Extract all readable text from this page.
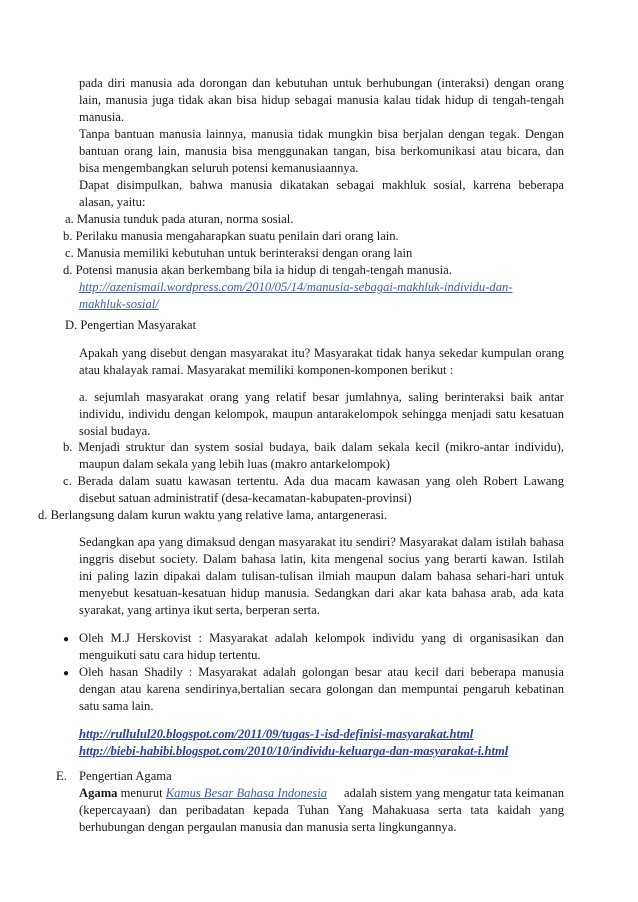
pada diri manusia ada dorongan dan kebutuhan untuk berhubungan (interaksi) dengan orang
lain, manusia juga tidak akan bisa hidup sebagai manusia kalau tidak hidup di tengah-tengah
manusia.
Tanpa bantuan manusia lainnya, manusia tidak mungkin bisa berjalan dengan tegak. Dengan
bantuan orang lain, manusia bisa menggunakan tangan, bisa berkomunikasi atau bicara, dan
bisa mengembangkan seluruh potensi kemanusiaannya.
Dapat disimpulkan, bahwa manusia dikatakan sebagai makhluk sosial, karrena beberapa
alasan, yaitu:
a. Manusia tunduk pada aturan, norma sosial.
b. Perilaku manusia mengaharapkan suatu penilain dari orang lain.
c. Manusia memiliki kebutuhan untuk berinteraksi dengan orang lain
d. Potensi manusia akan berkembang bila ia hidup di tengah-tengah manusia.
http://azenismail.wordpress.com/2010/05/14/manusia-sebagai-makhluk-individu-dan-
makhluk-sosial/
D. Pengertian Masyarakat
Apakah yang disebut dengan masyarakat itu? Masyarakat tidak hanya sekedar kumpulan orang
atau khalayak ramai. Masyarakat memiliki komponen-komponen berikut :
a. sejumlah masyarakat orang yang relatif besar jumlahnya, saling berinteraksi baik antar
individu, individu dengan kelompok, maupun antarakelompok sehingga menjadi satu kesatuan
sosial budaya.
b. Menjadi struktur dan system sosial budaya, baik dalam sekala kecil (mikro-antar individu),
maupun dalam sekala yang lebih luas (makro antarkelompok)
c. Berada dalam suatu kawasan tertentu. Ada dua macam kawasan yang oleh Robert Lawang
disebut satuan administratif (desa-kecamatan-kabupaten-provinsi)
d. Berlangsung dalam kurun waktu yang relative lama, antargenerasi.
Sedangkan apa yang dimaksud dengan masyarakat itu sendiri? Masyarakat dalam istilah bahasa
inggris disebut society. Dalam bahasa latin, kita mengenal socius yang berarti kawan. Istilah
ini paling lazin dipakai dalam tulisan-tulisan ilmiah maupun dalam bahasa sehari-hari untuk
menyebut kesatuan-kesatuan hidup manusia. Sedangkan dari akar kata bahasa arab, ada kata
syarakat, yang artinya ikut serta, berperan serta.
● Oleh M.J Herskovist : Masyarakat adalah kelompok individu yang di organisasikan dan
menguikuti satu cara hidup tertentu.
● Oleh hasan Shadily : Masyarakat adalah golongan besar atau kecil dari beberapa manusia
dengan atau karena sendirinya,bertalian secara golongan dan mempuntai pengaruh kebatinan
satu sama lain.
http://rullulul20.blogspot.com/2011/09/tugas-1-isd-definisi-masyarakat.html
http://biebi-habibi.blogspot.com/2010/10/individu-keluarga-dan-masyarakat-i.html
E. Pengertian Agama
Agama menurut Kamus Besar Bahasa Indonesia adalah sistem yang mengatur tata keimanan
(kepercayaan) dan peribadatan kepada Tuhan Yang Mahakuasa serta tata kaidah yang
berhubungan dengan pergaulan manusia dan manusia serta lingkungannya.
